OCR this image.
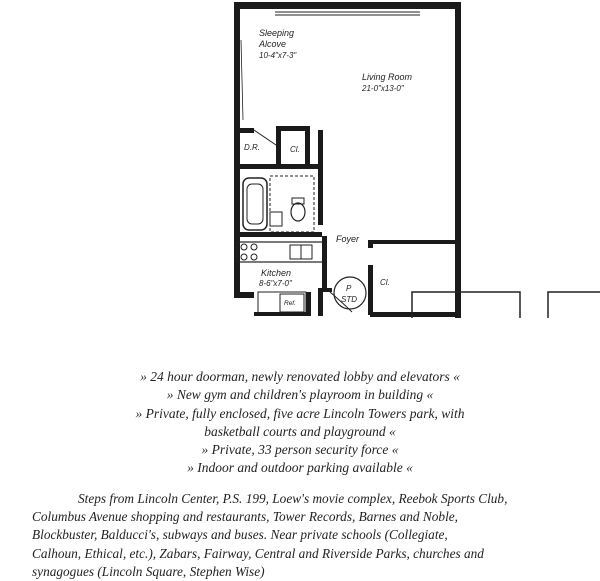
Sleeping
Alcove
10-4"x7-3"
Living Room
21-0"x13-0"
D.R.	Cl.
Foyer
Kitchen
8-6"x7-0"	Cl.
Ref.
P
STD
» 24 hour doorman, newly renovated lobby and elevators «
» New gym and children's playroom in building «
» Private, fully enclosed, five acre Lincoln Towers park, with
basketball courts and playground «
» Private, 33 person security force «
» Indoor and outdoor parking available «
Steps from Lincoln Center, P.S. 199, Loew's movie complex, Reebok Sports Club,
Columbus Avenue shopping and restaurants, Tower Records, Barnes and Noble,
Blockbuster, Balducci's, subways and buses. Near private schools (Collegiate,
Calhoun, Ethical, etc.), Zabars, Fairway, Central and Riverside Parks, churches and
synagogues (Lincoln Square, Stephen Wise)
